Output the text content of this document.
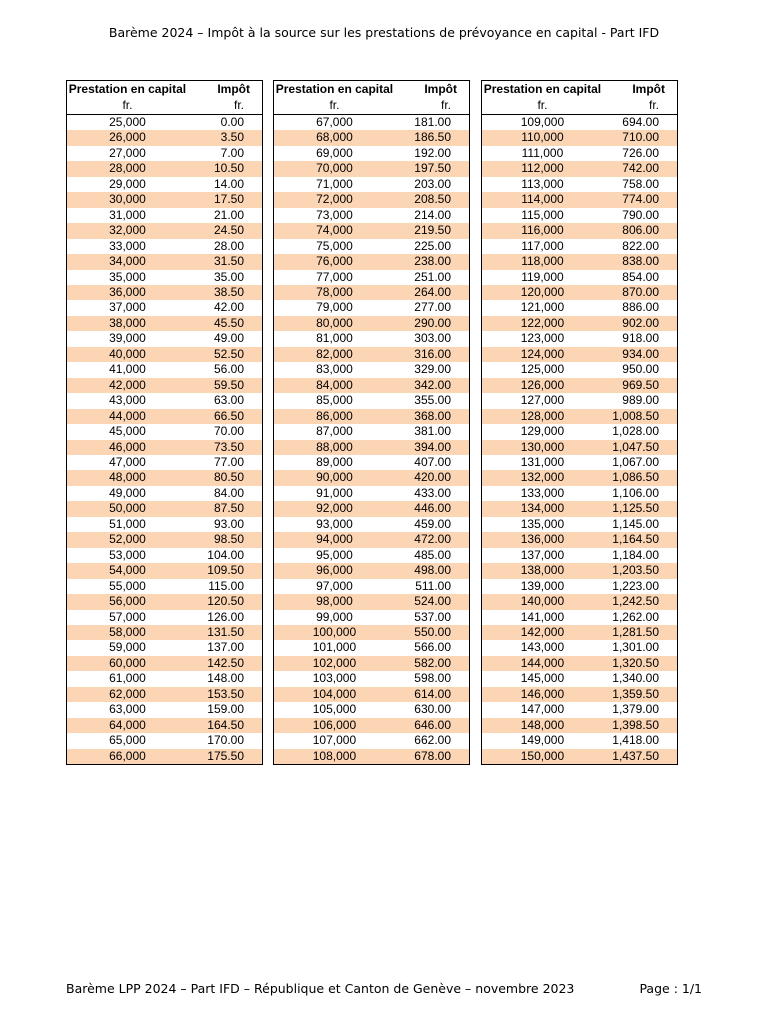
Barème 2024 – Impôt à la source sur les prestations de prévoyance en capital - Part IFD
Prestation en capital	Impôt
fr.	fr.
25,000	0.00
26,000	3.50
27,000	7.00
28,000	10.50
29,000	14.00
30,000	17.50
31,000	21.00
32,000	24.50
33,000	28.00
34,000	31.50
35,000	35.00
36,000	38.50
37,000	42.00
38,000	45.50
39,000	49.00
40,000	52.50
41,000	56.00
42,000	59.50
43,000	63.00
44,000	66.50
45,000	70.00
46,000	73.50
47,000	77.00
48,000	80.50
49,000	84.00
50,000	87.50
51,000	93.00
52,000	98.50
53,000	104.00
54,000	109.50
55,000	115.00
56,000	120.50
57,000	126.00
58,000	131.50
59,000	137.00
60,000	142.50
61,000	148.00
62,000	153.50
63,000	159.00
64,000	164.50
65,000	170.00
66,000	175.50
Prestation en capital	Impôt
fr.	fr.
67,000	181.00
68,000	186.50
69,000	192.00
70,000	197.50
71,000	203.00
72,000	208.50
73,000	214.00
74,000	219.50
75,000	225.00
76,000	238.00
77,000	251.00
78,000	264.00
79,000	277.00
80,000	290.00
81,000	303.00
82,000	316.00
83,000	329.00
84,000	342.00
85,000	355.00
86,000	368.00
87,000	381.00
88,000	394.00
89,000	407.00
90,000	420.00
91,000	433.00
92,000	446.00
93,000	459.00
94,000	472.00
95,000	485.00
96,000	498.00
97,000	511.00
98,000	524.00
99,000	537.00
100,000	550.00
101,000	566.00
102,000	582.00
103,000	598.00
104,000	614.00
105,000	630.00
106,000	646.00
107,000	662.00
108,000	678.00
Prestation en capital	Impôt
fr.	fr.
109,000	694.00
110,000	710.00
111,000	726.00
112,000	742.00
113,000	758.00
114,000	774.00
115,000	790.00
116,000	806.00
117,000	822.00
118,000	838.00
119,000	854.00
120,000	870.00
121,000	886.00
122,000	902.00
123,000	918.00
124,000	934.00
125,000	950.00
126,000	969.50
127,000	989.00
128,000	1,008.50
129,000	1,028.00
130,000	1,047.50
131,000	1,067.00
132,000	1,086.50
133,000	1,106.00
134,000	1,125.50
135,000	1,145.00
136,000	1,164.50
137,000	1,184.00
138,000	1,203.50
139,000	1,223.00
140,000	1,242.50
141,000	1,262.00
142,000	1,281.50
143,000	1,301.00
144,000	1,320.50
145,000	1,340.00
146,000	1,359.50
147,000	1,379.00
148,000	1,398.50
149,000	1,418.00
150,000	1,437.50
Barème LPP 2024 – Part IFD – République et Canton de Genève – novembre 2023	Page : 1/1
